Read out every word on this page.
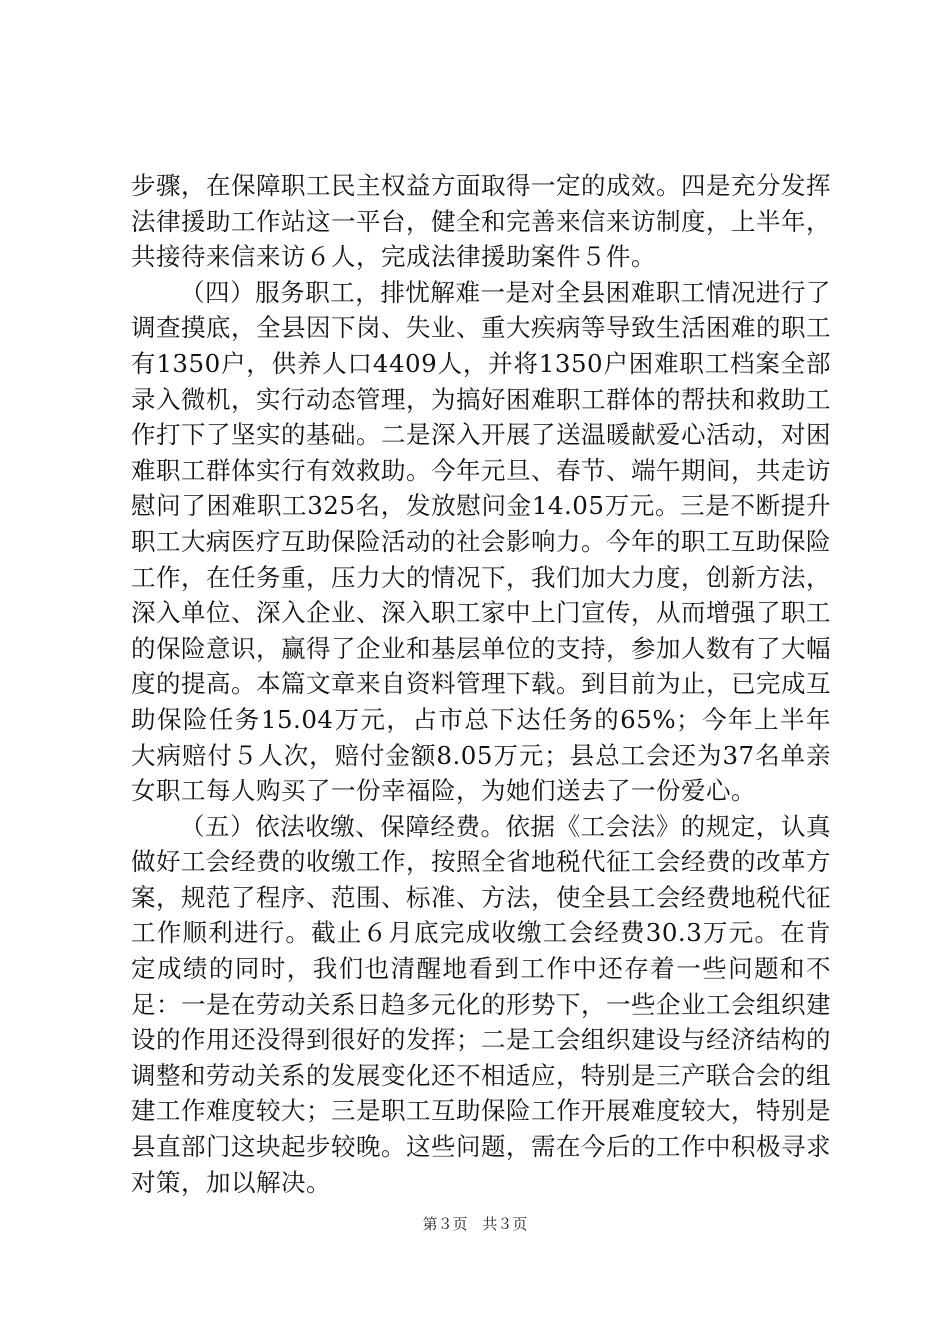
步骤，在保障职工民主权益方面取得一定的成效。四是充分发挥法律援助工作站这一平台，健全和完善来信来访制度，上半年，共接待来信来访６人，完成法律援助案件５件。

（四）服务职工，排忧解难一是对全县困难职工情况进行了调查摸底，全县因下岗、失业、重大疾病等导致生活困难的职工有1350户，供养人口4409人，并将1350户困难职工档案全部录入微机，实行动态管理，为搞好困难职工群体的帮扶和救助工作打下了坚实的基础。二是深入开展了送温暖献爱心活动，对困难职工群体实行有效救助。今年元旦、春节、端午期间，共走访慰问了困难职工325名，发放慰问金14.05万元。三是不断提升职工大病医疗互助保险活动的社会影响力。今年的职工互助保险工作，在任务重，压力大的情况下，我们加大力度，创新方法，深入单位、深入企业、深入职工家中上门宣传，从而增强了职工的保险意识，赢得了企业和基层单位的支持，参加人数有了大幅度的提高。本篇文章来自资料管理下载。到目前为止，已完成互助保险任务15.04万元，占市总下达任务的65%；今年上半年大病赔付５人次，赔付金额8.05万元；县总工会还为37名单亲女职工每人购买了一份幸福险，为她们送去了一份爱心。

（五）依法收缴、保障经费。依据《工会法》的规定，认真做好工会经费的收缴工作，按照全省地税代征工会经费的改革方案，规范了程序、范围、标准、方法，使全县工会经费地税代征工作顺利进行。截止６月底完成收缴工会经费30.3万元。在肯定成绩的同时，我们也清醒地看到工作中还存着一些问题和不足：一是在劳动关系日趋多元化的形势下，一些企业工会组织建设的作用还没得到很好的发挥；二是工会组织建设与经济结构的调整和劳动关系的发展变化还不相适应，特别是三产联合会的组建工作难度较大；三是职工互助保险工作开展难度较大，特别是县直部门这块起步较晚。这些问题，需在今后的工作中积极寻求对策，加以解决。

第３页 共３页
